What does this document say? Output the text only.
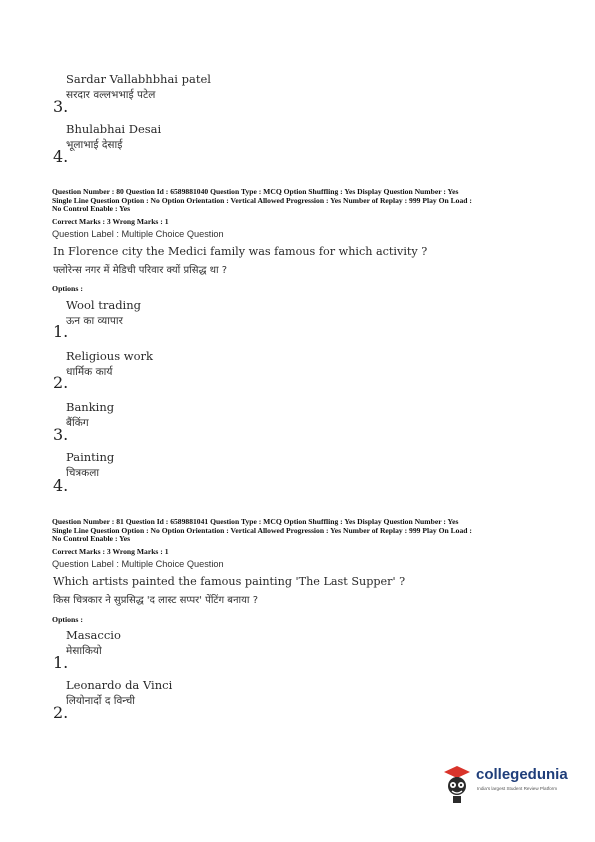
Sardar Vallabhbhai patel
सरदार वल्लभभाई पटेल
3.
Bhulabhai Desai
भूलाभाई देसाई
4.
Question Number : 80 Question Id : 6589881040 Question Type : MCQ Option Shuffling : Yes Display Question Number : Yes
Single Line Question Option : No Option Orientation : Vertical Allowed Progression : Yes Number of Replay : 999 Play On Load :
No Control Enable : Yes
Correct Marks : 3 Wrong Marks : 1
Question Label : Multiple Choice Question
In Florence city the Medici family was famous for which activity ?
फ्लोरेन्स नगर में मेडिची परिवार क्यों प्रसिद्ध था ?
Options :
Wool trading
ऊन का व्यापार
1.
Religious work
धार्मिक कार्य
2.
Banking
बैंकिंग
3.
Painting
चित्रकला
4.
Question Number : 81 Question Id : 6589881041 Question Type : MCQ Option Shuffling : Yes Display Question Number : Yes
Single Line Question Option : No Option Orientation : Vertical Allowed Progression : Yes Number of Replay : 999 Play On Load :
No Control Enable : Yes
Correct Marks : 3 Wrong Marks : 1
Question Label : Multiple Choice Question
Which artists painted the famous painting 'The Last Supper' ?
किस चित्रकार ने सुप्रसिद्ध 'द लास्ट सप्पर' पेंटिंग बनाया ?
Options :
Masaccio
मेसाकियो
1.
Leonardo da Vinci
लियोनार्दो द विन्ची
2.
collegedunia
India's largest Student Review Platform
